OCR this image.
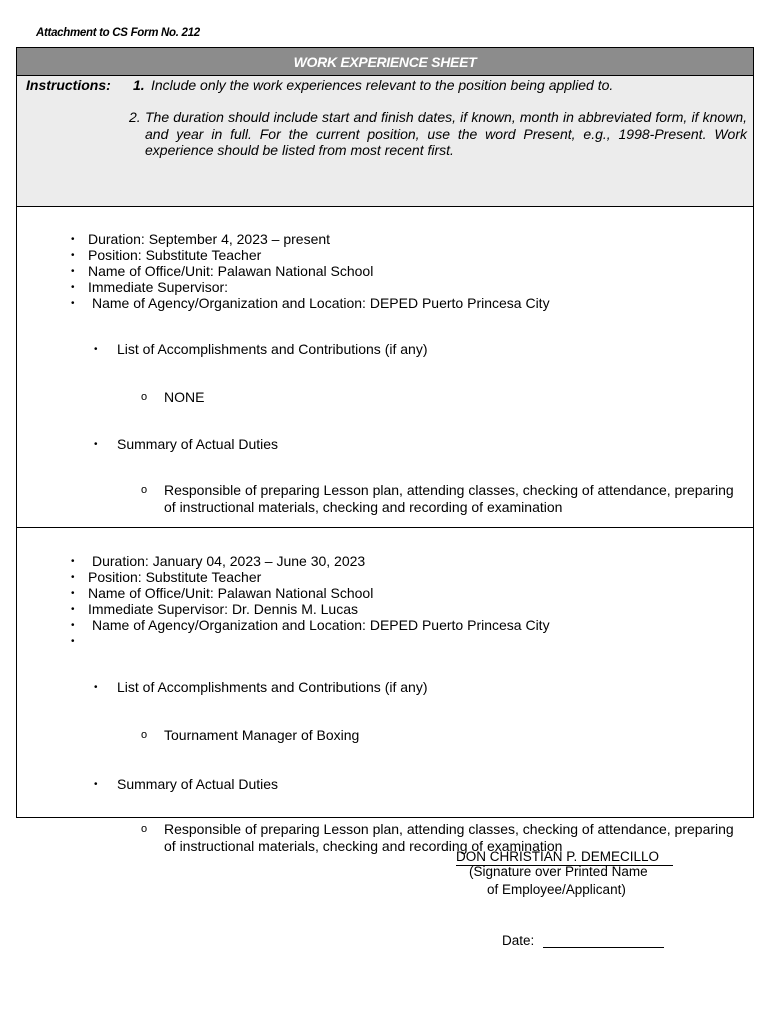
Attachment to CS Form No. 212
WORK EXPERIENCE SHEET
Instructions: 1. Include only the work experiences relevant to the position being applied to.
2. The duration should include start and finish dates, if known, month in abbreviated form, if known, and year in full. For the current position, use the word Present, e.g., 1998-Present. Work experience should be listed from most recent first.
• Duration: September 4, 2023 – present
• Position: Substitute Teacher
• Name of Office/Unit: Palawan National School
• Immediate Supervisor:
• Name of Agency/Organization and Location: DEPED Puerto Princesa City
• List of Accomplishments and Contributions (if any)
o NONE
• Summary of Actual Duties
o Responsible of preparing Lesson plan, attending classes, checking of attendance, preparing of instructional materials, checking and recording of examination
• Duration: January 04, 2023 – June 30, 2023
• Position: Substitute Teacher
• Name of Office/Unit: Palawan National School
• Immediate Supervisor: Dr. Dennis M. Lucas
• Name of Agency/Organization and Location: DEPED Puerto Princesa City
•
• List of Accomplishments and Contributions (if any)
o Tournament Manager of Boxing
• Summary of Actual Duties
o Responsible of preparing Lesson plan, attending classes, checking of attendance, preparing of instructional materials, checking and recording of examination
DON CHRISTIAN P. DEMECILLO
(Signature over Printed Name
of Employee/Applicant)
Date:
